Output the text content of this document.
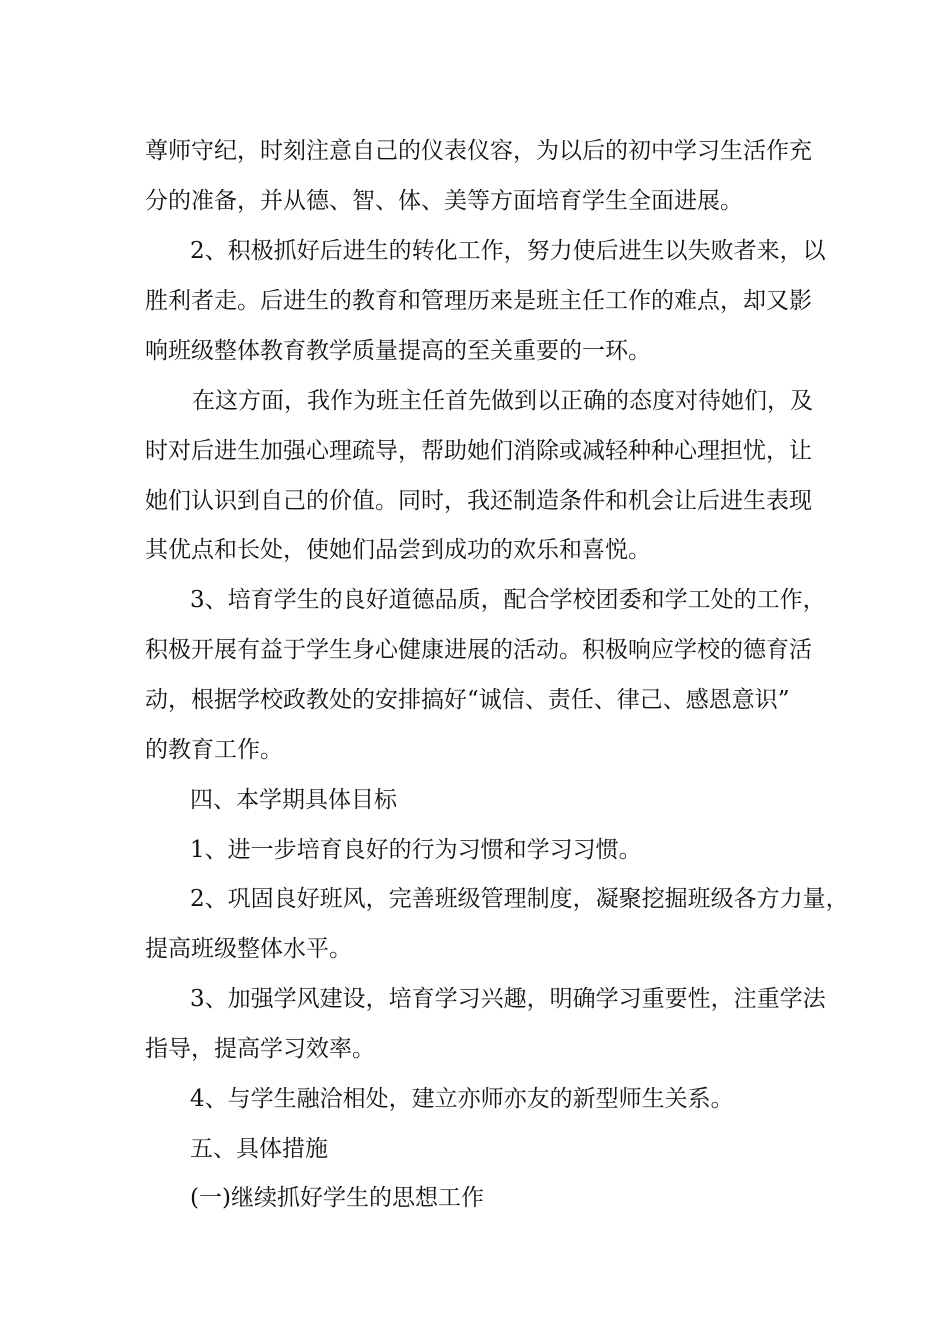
尊师守纪，时刻注意自己的仪表仪容，为以后的初中学习生活作充
分的准备，并从德、智、体、美等方面培育学生全面进展。
2、积极抓好后进生的转化工作，努力使后进生以失败者来，以
胜利者走。后进生的教育和管理历来是班主任工作的难点，却又影
响班级整体教育教学质量提高的至关重要的一环。
在这方面，我作为班主任首先做到以正确的态度对待她们，及
时对后进生加强心理疏导，帮助她们消除或减轻种种心理担忧，让
她们认识到自己的价值。同时，我还制造条件和机会让后进生表现
其优点和长处，使她们品尝到成功的欢乐和喜悦。
3、培育学生的良好道德品质，配合学校团委和学工处的工作，
积极开展有益于学生身心健康进展的活动。积极响应学校的德育活
动，根据学校政教处的安排搞好“诚信、责任、律己、感恩意识”
的教育工作。
四、本学期具体目标
1、进一步培育良好的行为习惯和学习习惯。
2、巩固良好班风，完善班级管理制度，凝聚挖掘班级各方力量，
提高班级整体水平。
3、加强学风建设，培育学习兴趣，明确学习重要性，注重学法
指导，提高学习效率。
4、与学生融洽相处，建立亦师亦友的新型师生关系。
五、具体措施
(一)继续抓好学生的思想工作
